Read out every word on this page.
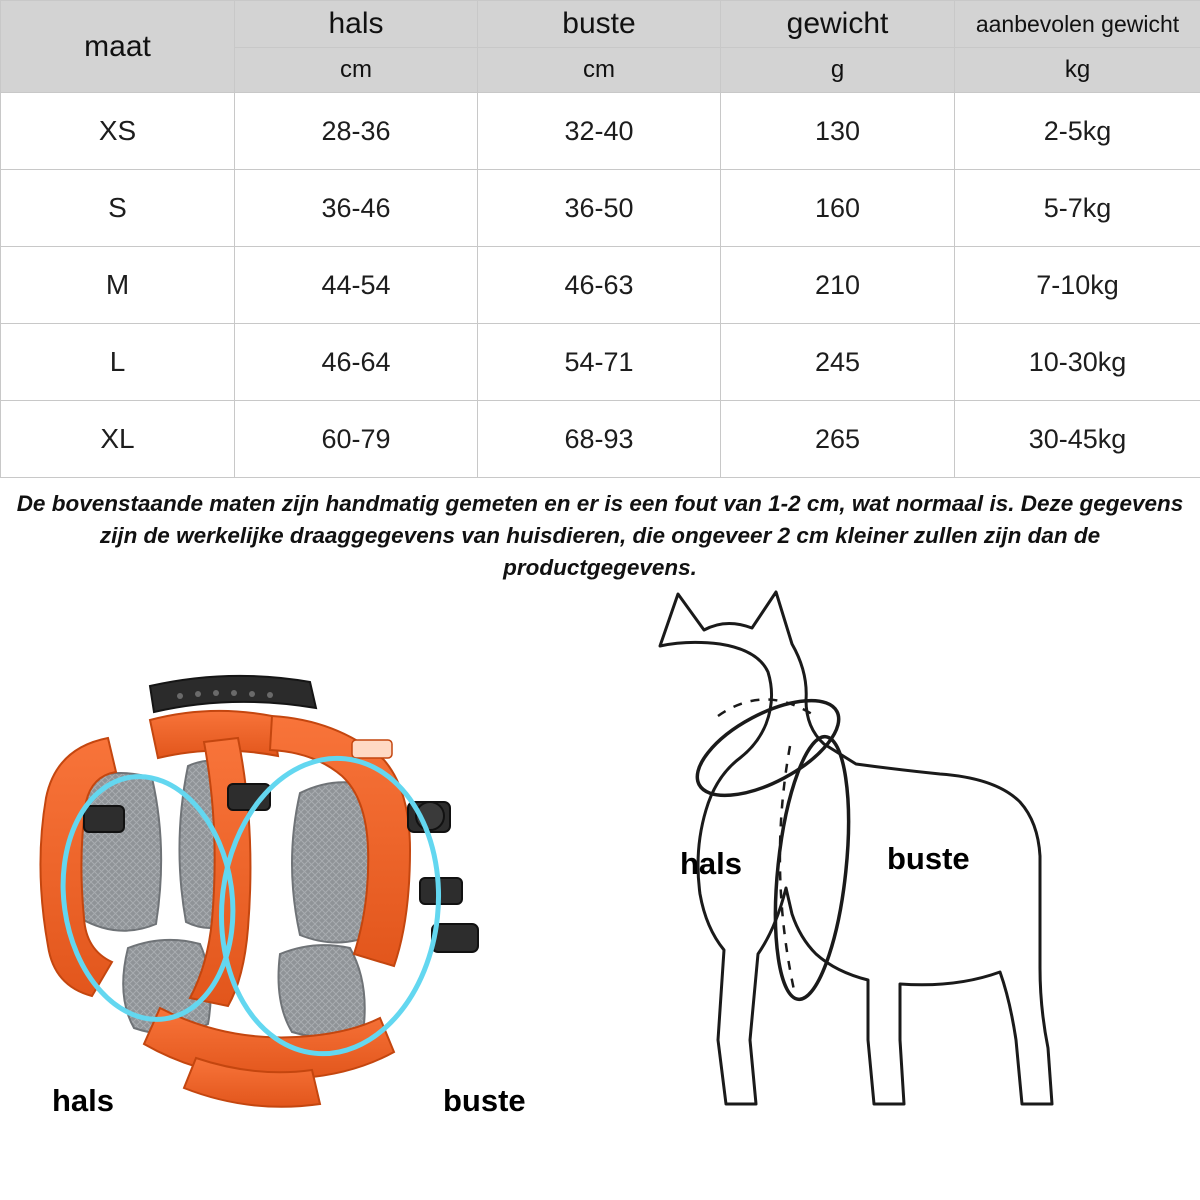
maat	hals	buste	gewicht	aanbevolen gewicht
	cm	cm	g	kg
XS	28-36	32-40	130	2-5kg
S	36-46	36-50	160	5-7kg
M	44-54	46-63	210	7-10kg
L	46-64	54-71	245	10-30kg
XL	60-79	68-93	265	30-45kg
De bovenstaande maten zijn handmatig gemeten en er is een fout van 1-2 cm, wat normaal is. Deze gegevens zijn de werkelijke draaggegevens van huisdieren, die ongeveer 2 cm kleiner zullen zijn dan de productgegevens.
hals	buste
hals	buste
